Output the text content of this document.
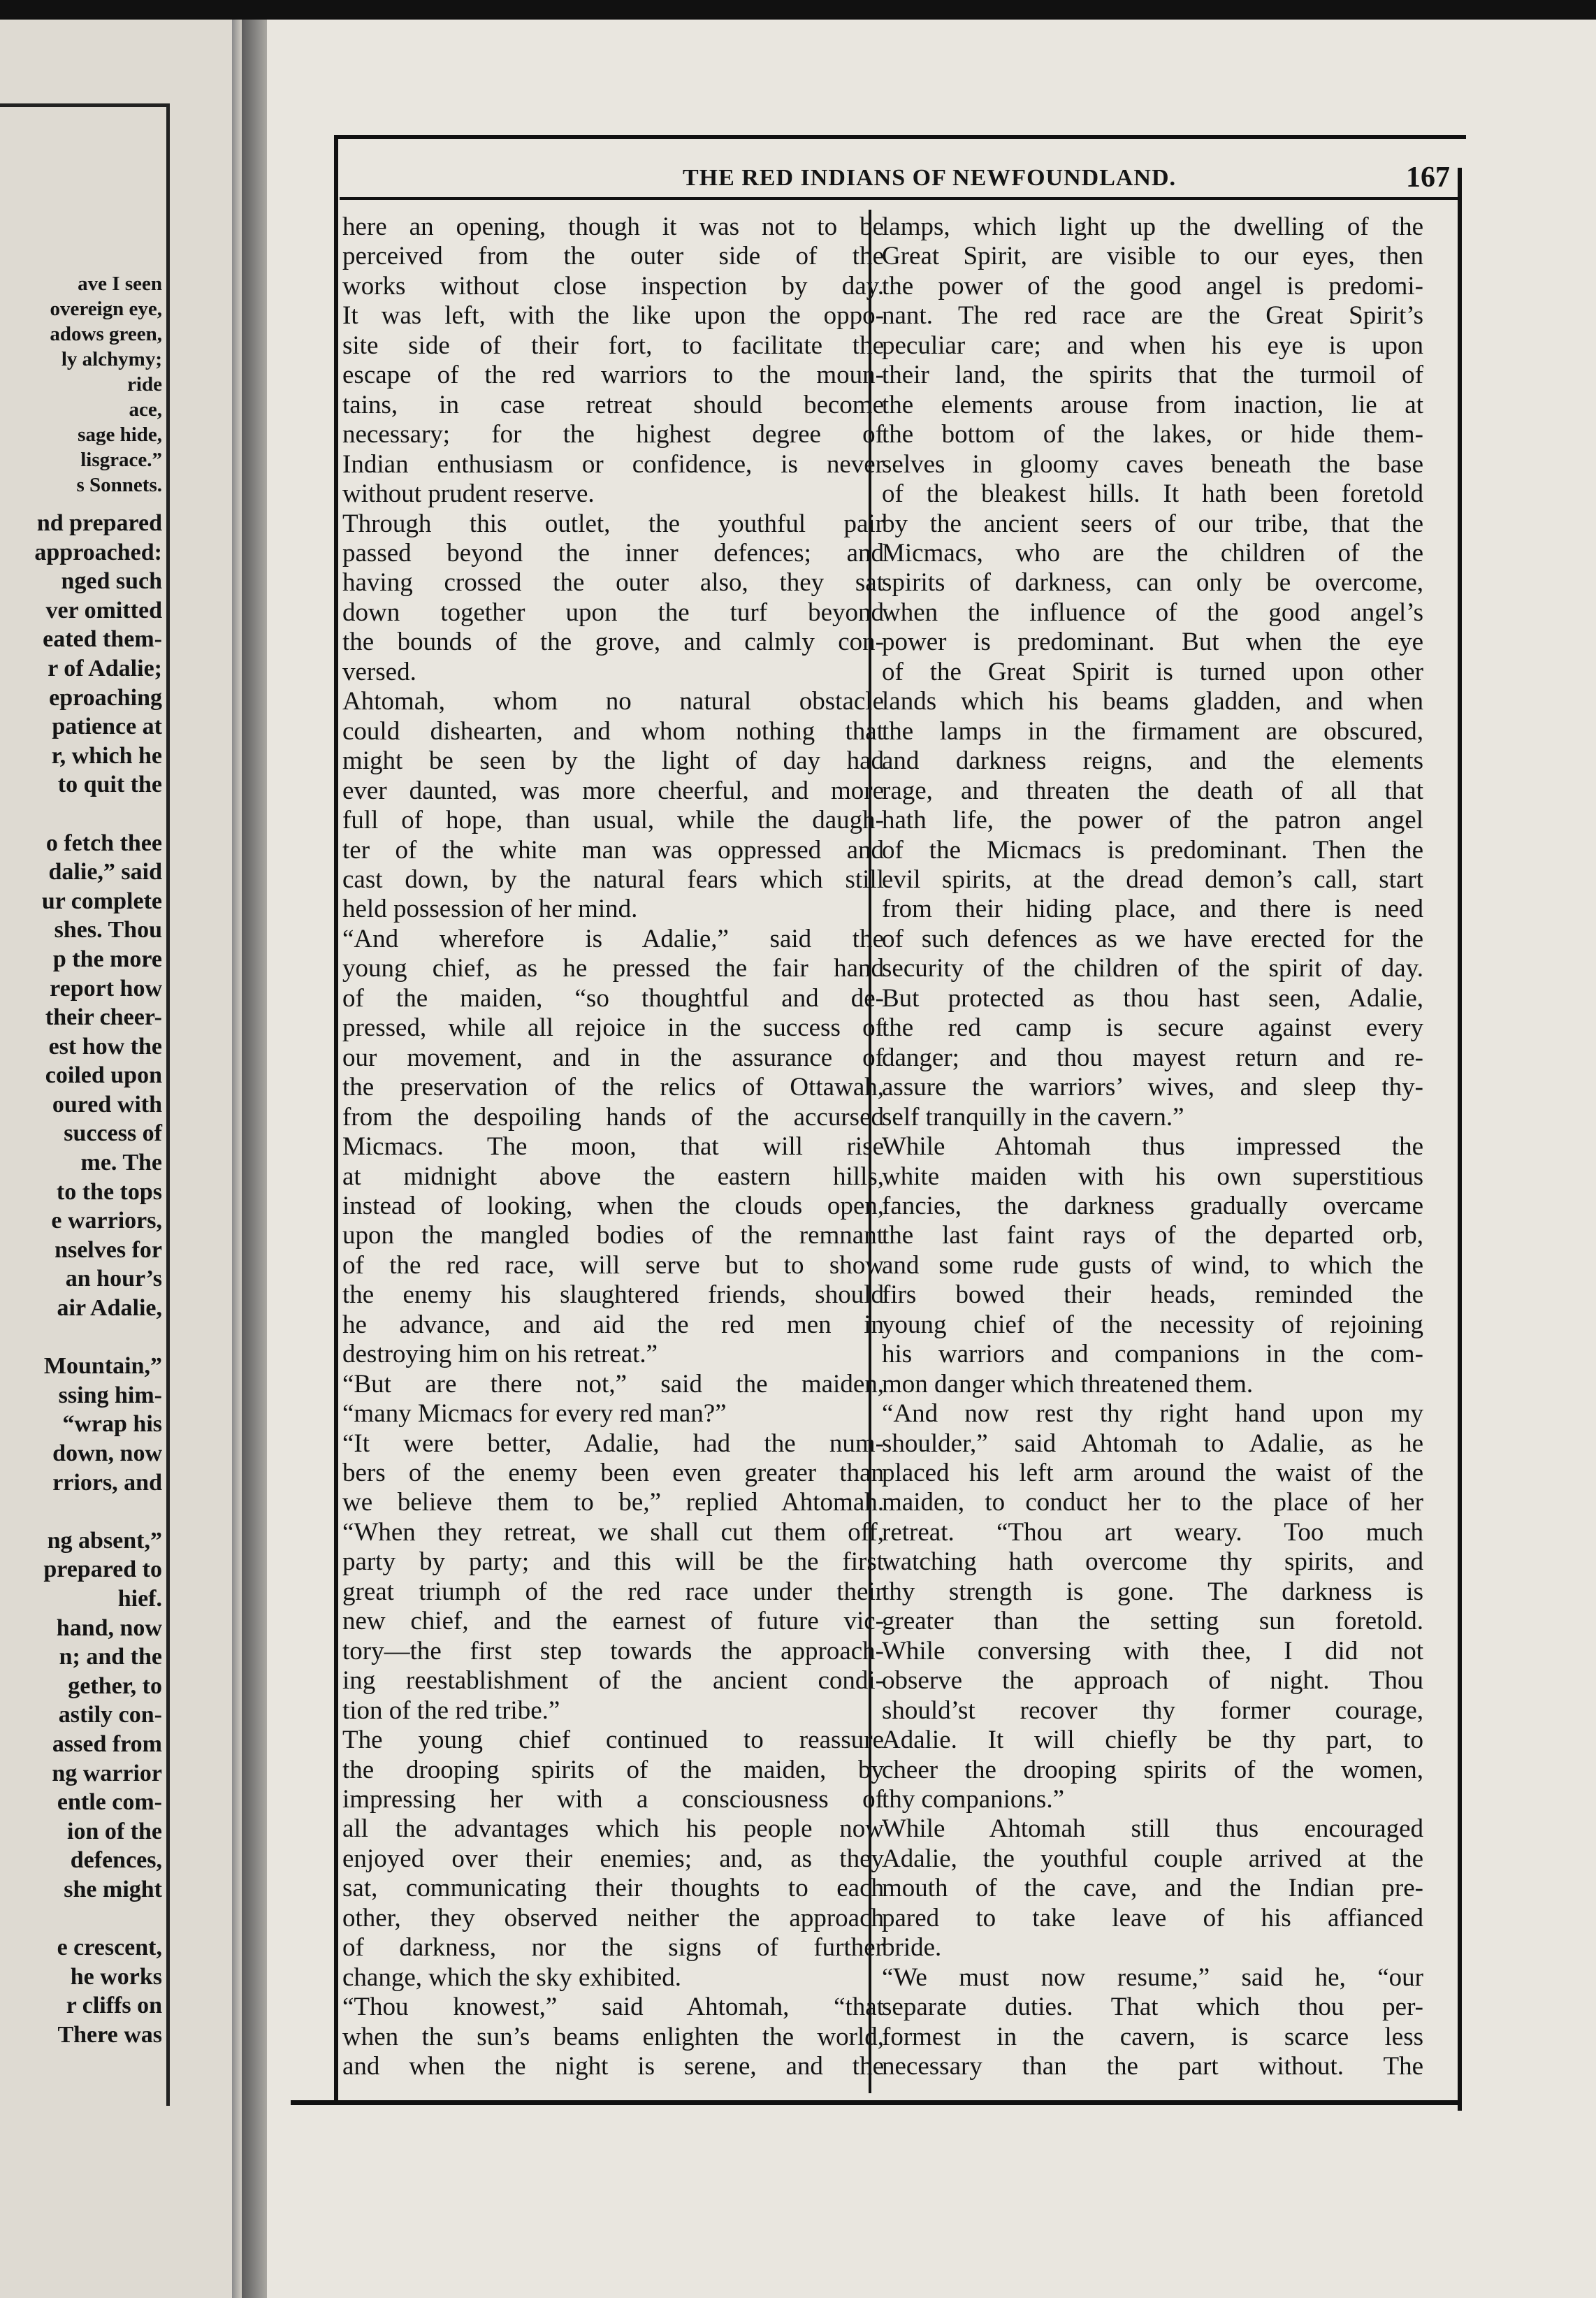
ave I seen
overeign eye,
adows green,
ly alchymy;
ride
ace,
sage hide,
lisgrace.”
s Sonnets.
nd prepared
approached:
nged such
ver omitted
eated them-
r of Adalie;
eproaching
patience at
r, which he
to quit the

o fetch thee
dalie,” said
ur complete
shes. Thou
p the more
report how
their cheer-
est how the
coiled upon
oured with
success of
me. The
to the tops
e warriors,
nselves for
an hour’s
air Adalie,

Mountain,”
ssing him-
“wrap his
down, now
rriors, and

ng absent,”
prepared to
hief.
hand, now
n; and the
gether, to
astily con-
assed from
ng warrior
entle com-
ion of the
defences,
she might

e crescent,
he works
r cliffs on
There was
THE RED INDIANS OF NEWFOUNDLAND.	167

here an opening, though it was not to be

perceived from the outer side of the

works without close inspection by day.

It was left, with the like upon the oppo-

site side of their fort, to facilitate the

escape of the red warriors to the moun-

tains, in case retreat should become

necessary; for the highest degree of

Indian enthusiasm or confidence, is never

without prudent reserve.

Through this outlet, the youthful pair

passed beyond the inner defences; and

having crossed the outer also, they sat

down together upon the turf beyond

the bounds of the grove, and calmly con-

versed.

Ahtomah, whom no natural obstacle

could dishearten, and whom nothing that

might be seen by the light of day had

ever daunted, was more cheerful, and more

full of hope, than usual, while the daugh-

ter of the white man was oppressed and

cast down, by the natural fears which still

held possession of her mind.

“And wherefore is Adalie,” said the

young chief, as he pressed the fair hand

of the maiden, “so thoughtful and de-

pressed, while all rejoice in the success of

our movement, and in the assurance of

the preservation of the relics of Ottawah,

from the despoiling hands of the accursed

Micmacs. The moon, that will rise

at midnight above the eastern hills,

instead of looking, when the clouds open,

upon the mangled bodies of the remnant

of the red race, will serve but to show

the enemy his slaughtered friends, should

he advance, and aid the red men in

destroying him on his retreat.”

“But are there not,” said the maiden,

“many Micmacs for every red man?”

“It were better, Adalie, had the num-

bers of the enemy been even greater than

we believe them to be,” replied Ahtomah.

“When they retreat, we shall cut them off,

party by party; and this will be the first

great triumph of the red race under their

new chief, and the earnest of future vic-

tory—the first step towards the approach-

ing reestablishment of the ancient condi-

tion of the red tribe.”

The young chief continued to reassure

the drooping spirits of the maiden, by

impressing her with a consciousness of

all the advantages which his people now

enjoyed over their enemies; and, as they

sat, communicating their thoughts to each

other, they observed neither the approach

of darkness, nor the signs of further

change, which the sky exhibited.

“Thou knowest,” said Ahtomah, “that

when the sun’s beams enlighten the world,

and when the night is serene, and the

lamps, which light up the dwelling of the

Great Spirit, are visible to our eyes, then

the power of the good angel is predomi-

nant. The red race are the Great Spirit’s

peculiar care; and when his eye is upon

their land, the spirits that the turmoil of

the elements arouse from inaction, lie at

the bottom of the lakes, or hide them-

selves in gloomy caves beneath the base

of the bleakest hills. It hath been foretold

by the ancient seers of our tribe, that the

Micmacs, who are the children of the

spirits of darkness, can only be overcome,

when the influence of the good angel’s

power is predominant. But when the eye

of the Great Spirit is turned upon other

lands which his beams gladden, and when

the lamps in the firmament are obscured,

and darkness reigns, and the elements

rage, and threaten the death of all that

hath life, the power of the patron angel

of the Micmacs is predominant. Then the

evil spirits, at the dread demon’s call, start

from their hiding place, and there is need

of such defences as we have erected for the

security of the children of the spirit of day.

But protected as thou hast seen, Adalie,

the red camp is secure against every

danger; and thou mayest return and re-

assure the warriors’ wives, and sleep thy-

self tranquilly in the cavern.”

While Ahtomah thus impressed the

white maiden with his own superstitious

fancies, the darkness gradually overcame

the last faint rays of the departed orb,

and some rude gusts of wind, to which the

firs bowed their heads, reminded the

young chief of the necessity of rejoining

his warriors and companions in the com-

mon danger which threatened them.

“And now rest thy right hand upon my

shoulder,” said Ahtomah to Adalie, as he

placed his left arm around the waist of the

maiden, to conduct her to the place of her

retreat. “Thou art weary. Too much

watching hath overcome thy spirits, and

thy strength is gone. The darkness is

greater than the setting sun foretold.

While conversing with thee, I did not

observe the approach of night. Thou

should’st recover thy former courage,

Adalie. It will chiefly be thy part, to

cheer the drooping spirits of the women,

thy companions.”

While Ahtomah still thus encouraged

Adalie, the youthful couple arrived at the

mouth of the cave, and the Indian pre-

pared to take leave of his affianced

bride.

“We must now resume,” said he, “our

separate duties. That which thou per-

formest in the cavern, is scarce less

necessary than the part without. The
